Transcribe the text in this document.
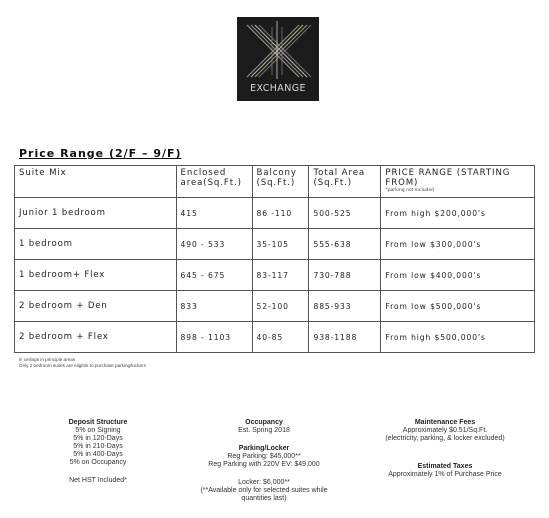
EXCHANGE
Price Range (2/F – 9/F)
Suite Mix	Enclosed area(Sq.Ft.)	Balcony (Sq.Ft.)	Total Area (Sq.Ft.)	PRICE RANGE (STARTING FROM)
*parking not included

Junior 1 bedroom	415	86 -110	500-525	From high $200,000's
1 bedroom	490 - 533	35-105	555-638	From low $300,000's
1 bedroom+ Flex	645 - 675	83-117	730-788	From low $400,000's
2 bedroom + Den	833	52-100	885-933	From low $500,000's
2 bedroom + Flex	898 - 1103	40-85	938-1188	From high $500,000's
9' ceilings in principle areas
Only 2 bedroom suites are eligible to purchase parking/lockers
Deposit Structure
5% on Signing
5% in 120-Days
5% in 210-Days
5% in 400-Days
5% on Occupancy
Net HST Included*
Occupancy
Est. Spring 2018
Parking/Locker
Reg Parking: $45,000**
Reg Parking with 220V EV: $49,000
Locker: $6,000**
(**Available only for selected suites while
quantities last)
Maintenance Fees
Approximately $0.51/Sq.Ft.
(electricity, parking, & locker excluded)
Estimated Taxes
Approximately 1% of Purchase Price
